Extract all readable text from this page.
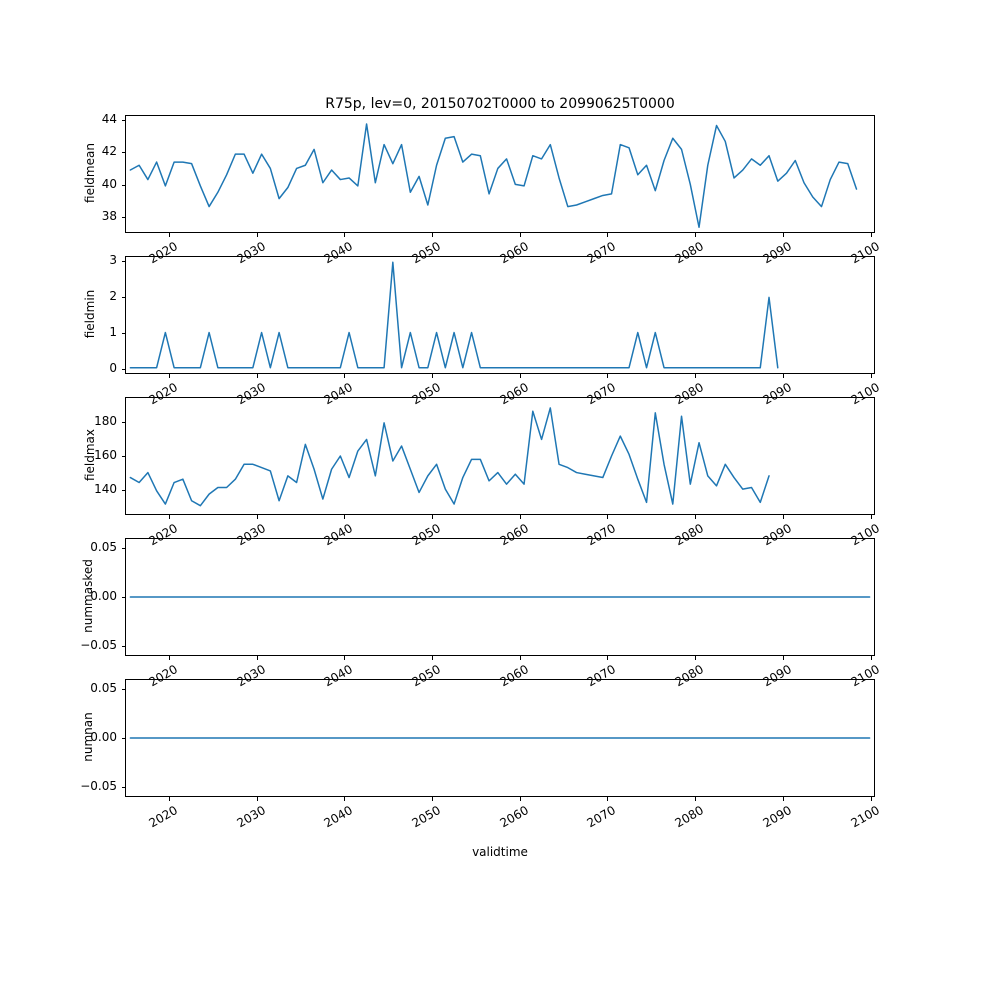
R75p, lev=0, 20150702T0000 to 20990625T0000
fieldmean
fieldmin
fieldmax
nummasked
numnan
validtime
38
40
42
44
2020	2030	2040	2050	2060	2070	2080	2090	2100
0
1
2
3
2020	2030	2040	2050	2060	2070	2080	2090	2100
140
160
180
2020	2030	2040	2050	2060	2070	2080	2090	2100
−0.05
0.00
0.05
2020	2030	2040	2050	2060	2070	2080	2090	2100
−0.05
0.00
0.05
2020	2030	2040	2050	2060	2070	2080	2090	2100
